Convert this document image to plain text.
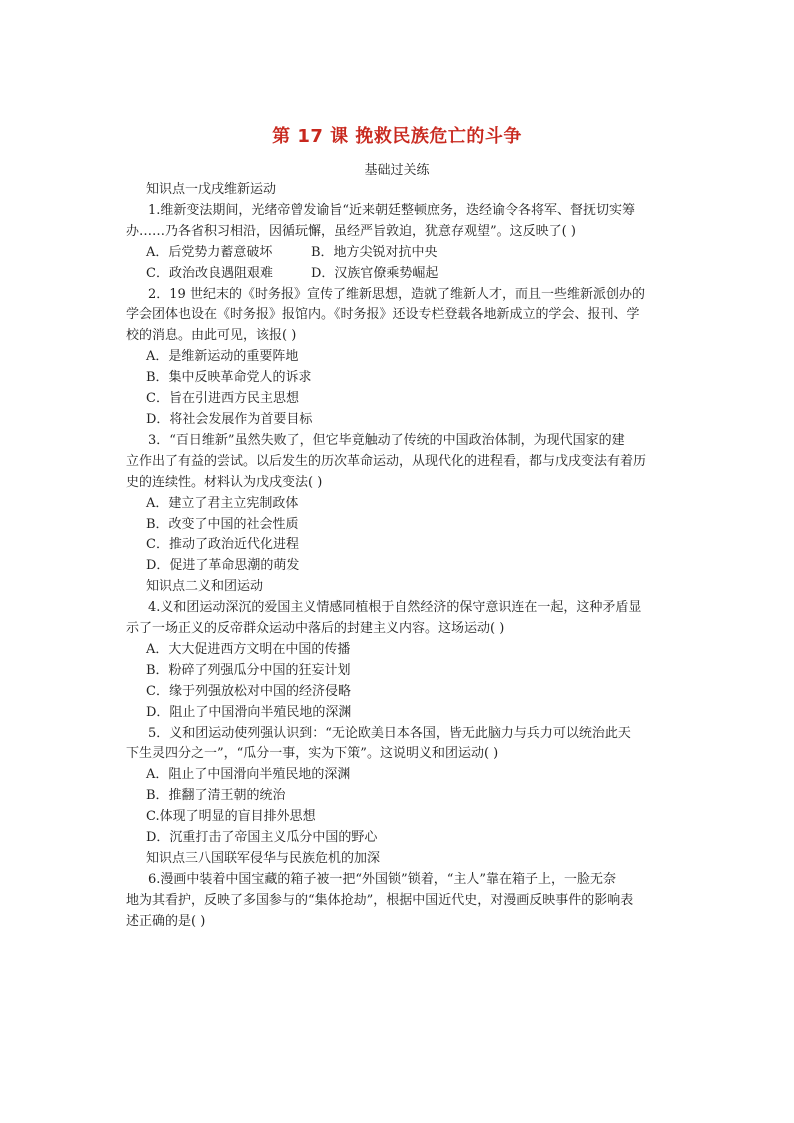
第 17 课 挽救民族危亡的斗争
基础过关练

知识点一戊戌维新运动

1.维新变法期间，光绪帝曾发谕旨“近来朝廷整顿庶务，迭经谕令各将军、督抚切实筹

办……乃各省积习相沿，因循玩懈，虽经严旨敦迫，犹意存观望”。这反映了( )

A．后党势力蓄意破坏	B．地方尖锐对抗中央

C．政治改良遇阻艰难	D．汉族官僚乘势崛起

2．19 世纪末的《时务报》宣传了维新思想，造就了维新人才，而且一些维新派创办的

学会团体也设在《时务报》报馆内。《时务报》还设专栏登载各地新成立的学会、报刊、学

校的消息。由此可见，该报( )

A．是维新运动的重要阵地

B．集中反映革命党人的诉求

C．旨在引进西方民主思想

D．将社会发展作为首要目标

3．“百日维新”虽然失败了，但它毕竟触动了传统的中国政治体制，为现代国家的建

立作出了有益的尝试。以后发生的历次革命运动，从现代化的进程看，都与戊戌变法有着历

史的连续性。材料认为戊戌变法( )

A．建立了君主立宪制政体

B．改变了中国的社会性质

C．推动了政治近代化进程

D．促进了革命思潮的萌发

知识点二义和团运动

4.义和团运动深沉的爱国主义情感同植根于自然经济的保守意识连在一起，这种矛盾显

示了一场正义的反帝群众运动中落后的封建主义内容。这场运动( )

A．大大促进西方文明在中国的传播

B．粉碎了列强瓜分中国的狂妄计划

C．缘于列强放松对中国的经济侵略

D．阻止了中国滑向半殖民地的深渊

5．义和团运动使列强认识到：“无论欧美日本各国，皆无此脑力与兵力可以统治此天

下生灵四分之一”，“瓜分一事，实为下策”。这说明义和团运动( )

A．阻止了中国滑向半殖民地的深渊

B．推翻了清王朝的统治

C.体现了明显的盲目排外思想

D．沉重打击了帝国主义瓜分中国的野心

知识点三八国联军侵华与民族危机的加深

6.漫画中装着中国宝藏的箱子被一把“外国锁”锁着，“主人”靠在箱子上，一脸无奈

地为其看护，反映了多国参与的“集体抢劫”，根据中国近代史，对漫画反映事件的影响表

述正确的是( )
